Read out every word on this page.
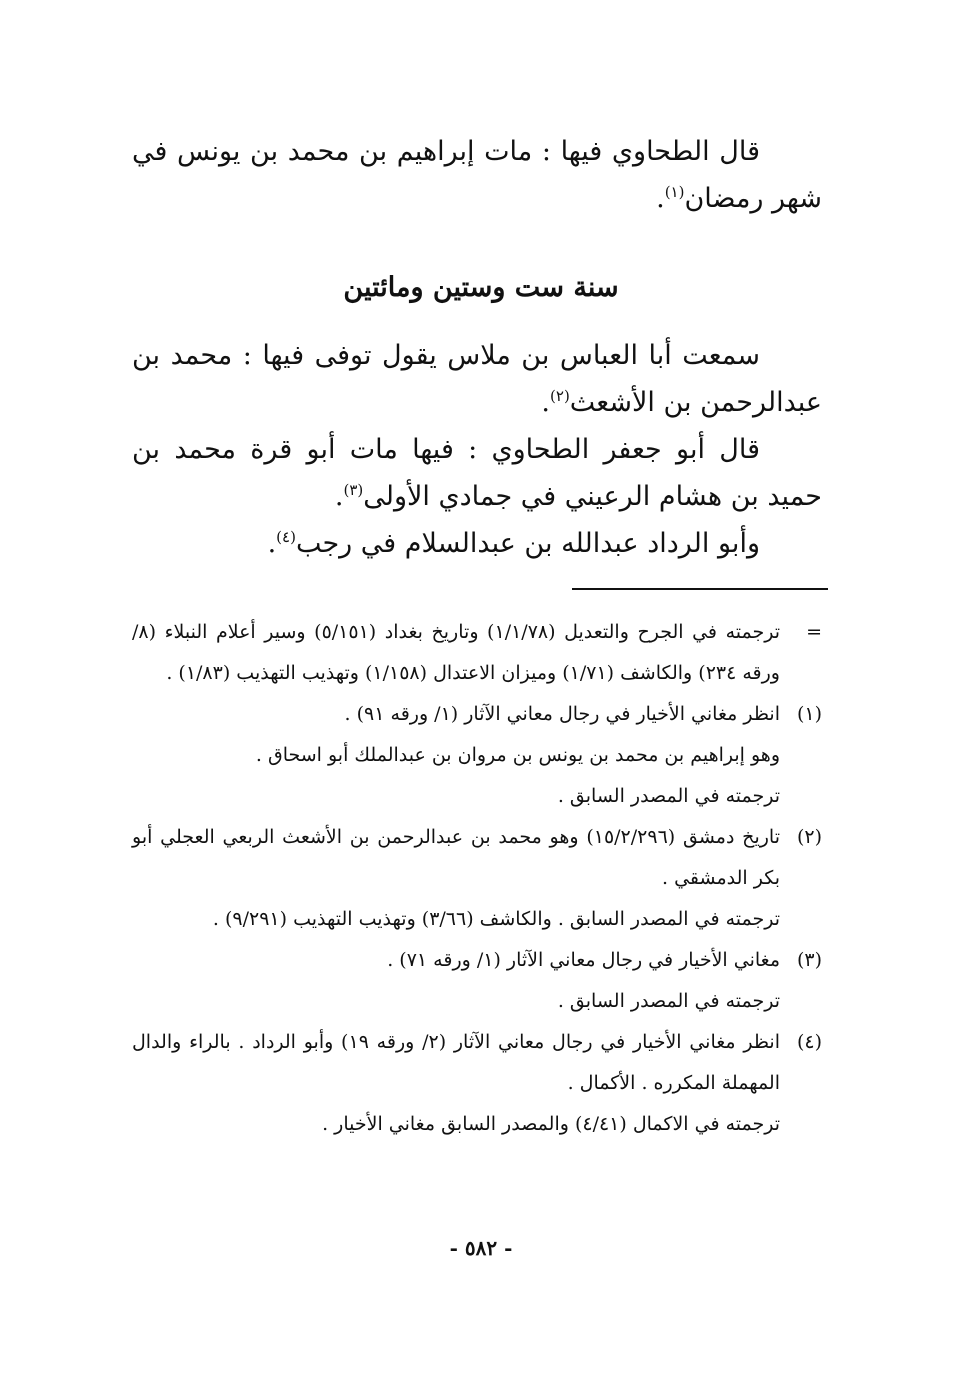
قال الطحاوي فيها : مات إبراهيم بن محمد بن يونس في شهر رمضان$^{(١)}$.

سنة ست وستين ومائتين

سمعت أبا العباس بن ملاس يقول توفى فيها : محمد بن عبدالرحمن بن الأشعث$^{(٢)}$.

قال أبو جعفر الطحاوي : فيها مات أبو قرة محمد بن حميد بن هشام الرعيني في جمادي الأولى$^{(٣)}$.

وأبو الرداد عبدالله بن عبدالسلام في رجب$^{(٤)}$.

=
ترجمته في الجرح والتعديل (١/١/٧٨) وتاريخ بغداد (٥/١٥١) وسير أعلام النبلاء (٨/ ورقه ٢٣٤) والكاشف (١/٧١) وميزان الاعتدال (١/١٥٨) وتهذيب التهذيب (١/٨٣) .
(١)
انظر مغاني الأخيار في رجال معاني الآثار (١/ ورقه ٩١) .
وهو إبراهيم بن محمد بن يونس بن مروان بن عبدالملك أبو اسحاق .
ترجمته في المصدر السابق .
(٢)
تاريخ دمشق (١٥/٢/٢٩٦) وهو محمد بن عبدالرحمن بن الأشعث الربعي العجلي أبو بكر الدمشقي .
ترجمته في المصدر السابق . والكاشف (٣/٦٦) وتهذيب التهذيب (٩/٢٩١) .
(٣)
مغاني الأخيار في رجال معاني الآثار (١/ ورقه ٧١) .
ترجمته في المصدر السابق .
(٤)
انظر مغاني الأخيار في رجال معاني الآثار (٢/ ورقه ١٩) وأبو الرداد . بالراء والدال المهملة المكرره . الأكمال .
ترجمته في الاكمال (٤/٤١) والمصدر السابق مغاني الأخيار .
- ٥٨٢ -
